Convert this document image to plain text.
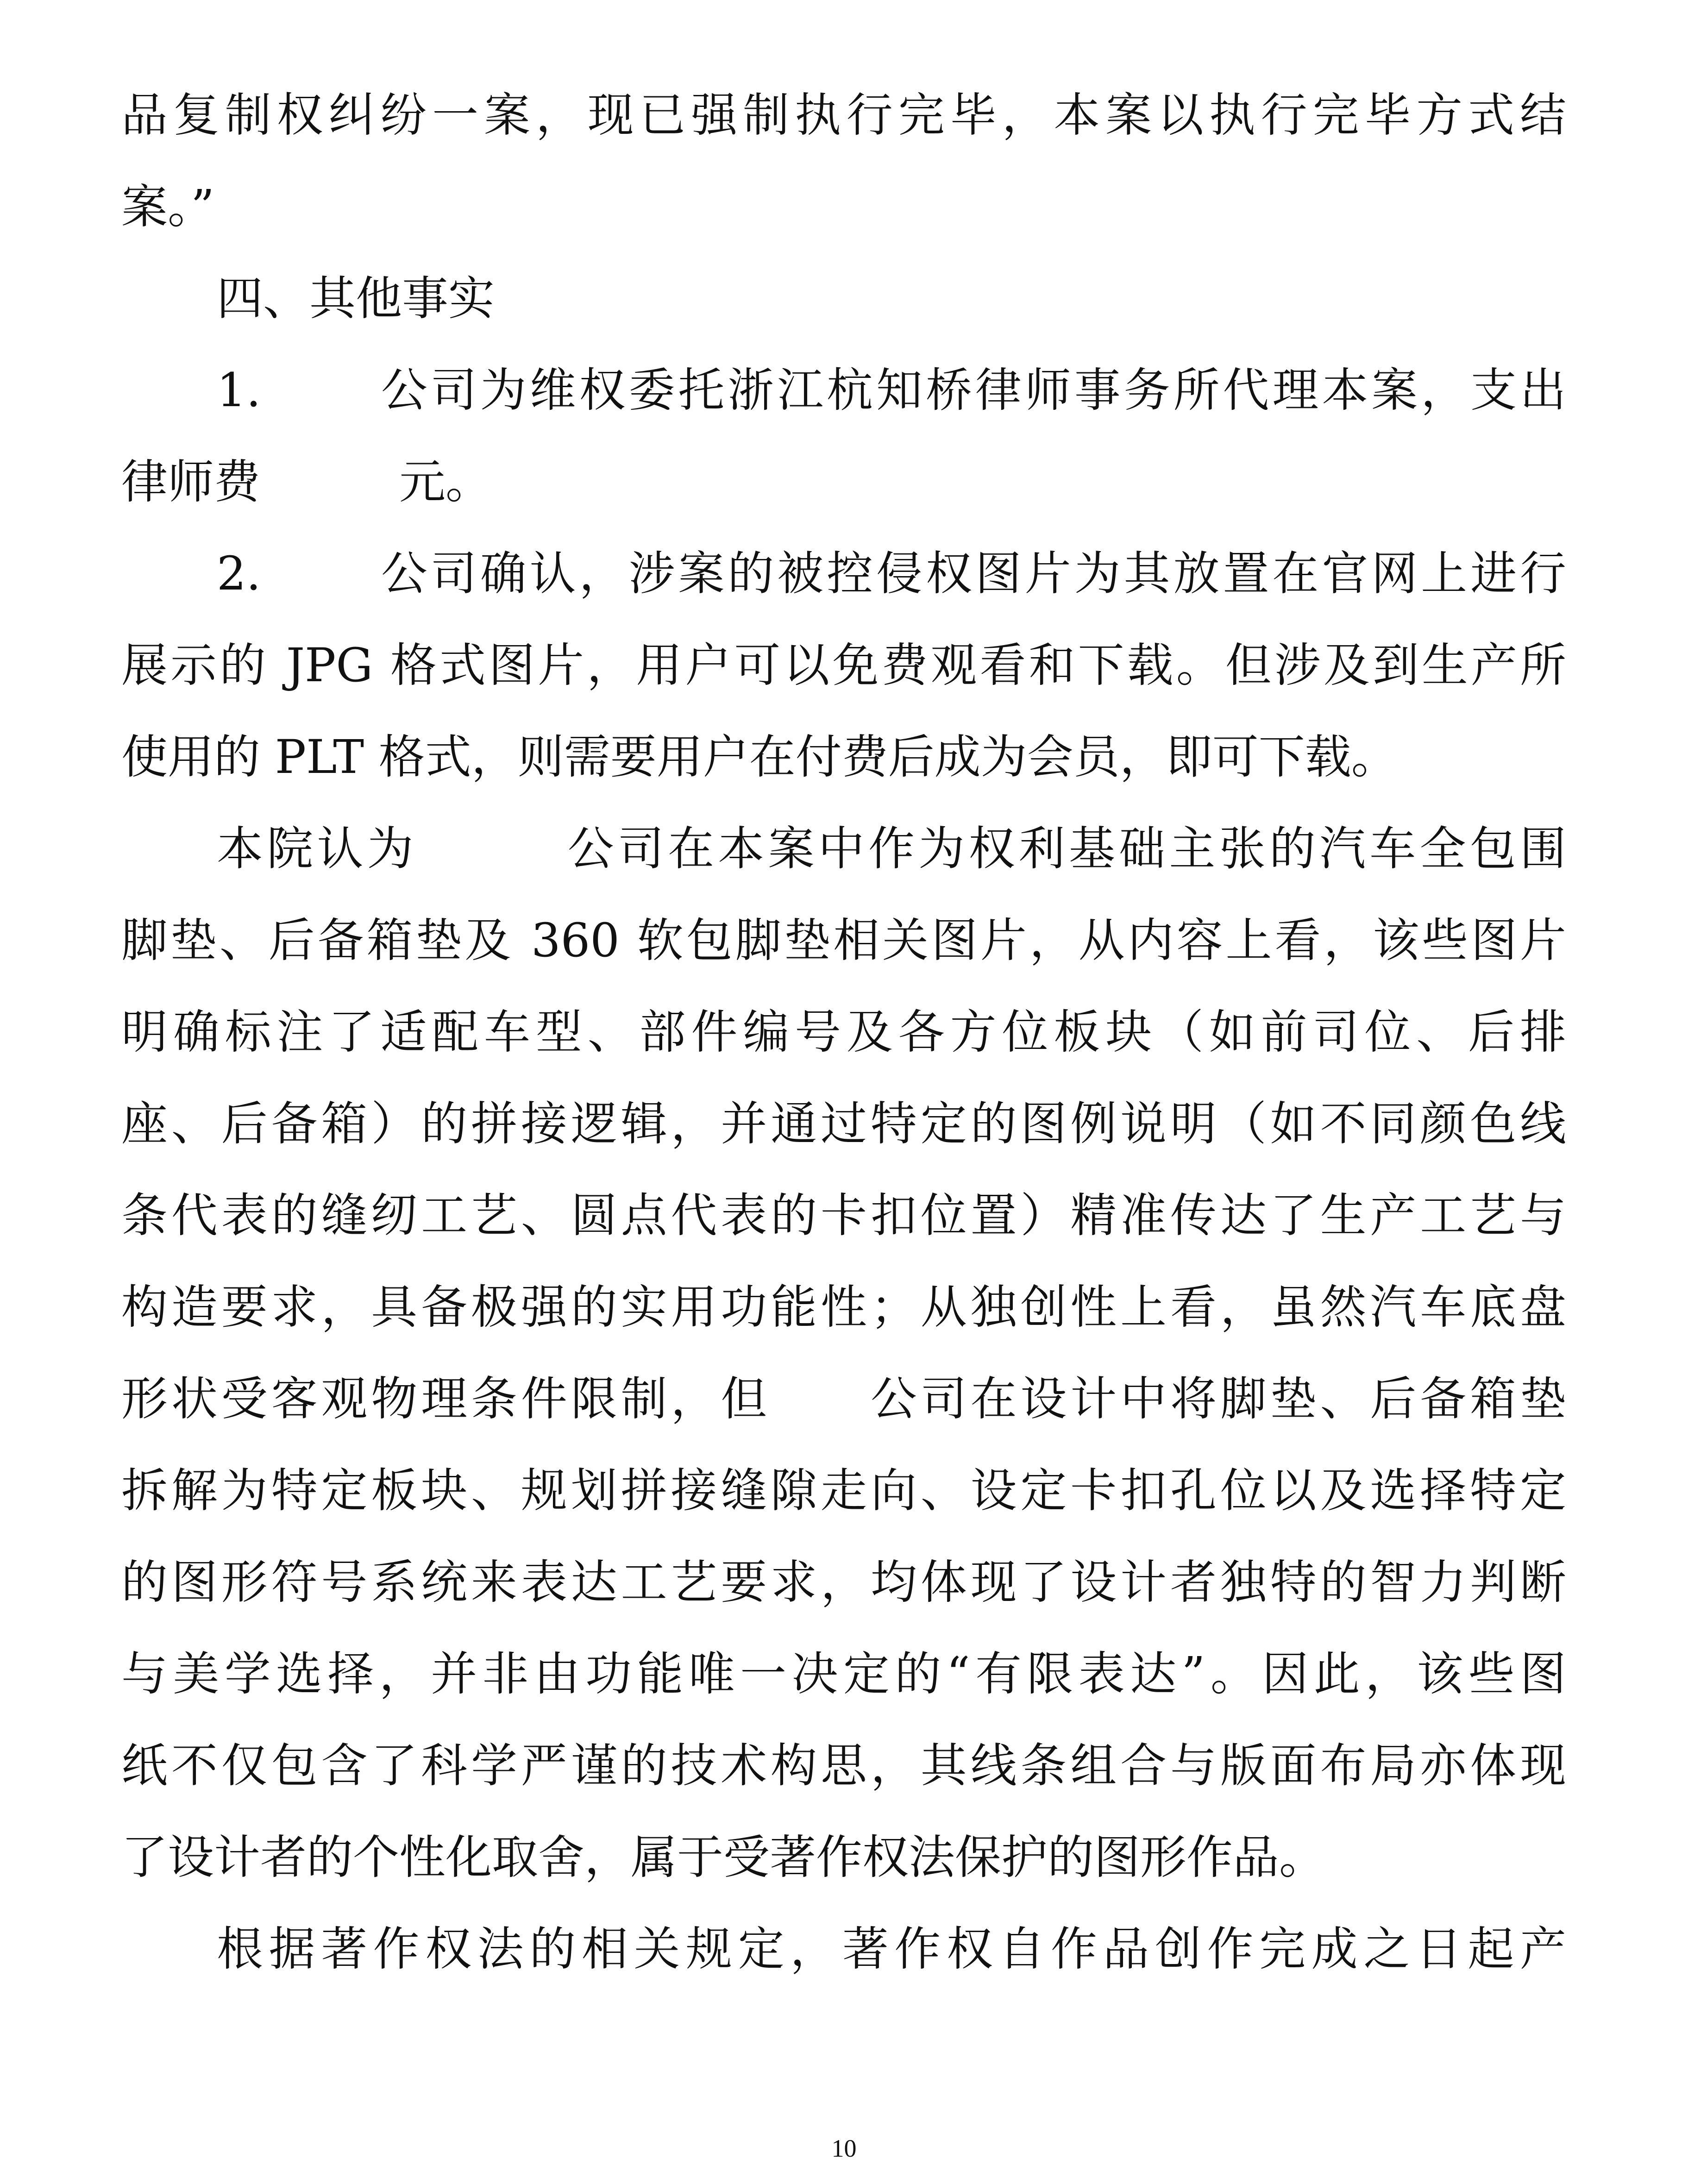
品复制权纠纷一案，现已强制执行完毕，本案以执行完毕方式结
案。”
四、其他事实
1.　　 公司为维权委托浙江杭知桥律师事务所代理本案，支出
律师费　　　元。
2.　　 公司确认，涉案的被控侵权图片为其放置在官网上进行
展示的 JPG 格式图片，用户可以免费观看和下载。但涉及到生产所
使用的 PLT 格式，则需要用户在付费后成为会员，即可下载。
本院认为　　　公司在本案中作为权利基础主张的汽车全包围
脚垫、后备箱垫及 360 软包脚垫相关图片，从内容上看，该些图片
明确标注了适配车型、部件编号及各方位板块（如前司位、后排
座、后备箱）的拼接逻辑，并通过特定的图例说明（如不同颜色线
条代表的缝纫工艺、圆点代表的卡扣位置）精准传达了生产工艺与
构造要求，具备极强的实用功能性；从独创性上看，虽然汽车底盘
形状受客观物理条件限制，但　　公司在设计中将脚垫、后备箱垫
拆解为特定板块、规划拼接缝隙走向、设定卡扣孔位以及选择特定
的图形符号系统来表达工艺要求，均体现了设计者独特的智力判断
与美学选择，并非由功能唯一决定的“有限表达”。因此，该些图
纸不仅包含了科学严谨的技术构思，其线条组合与版面布局亦体现
了设计者的个性化取舍，属于受著作权法保护的图形作品。
根据著作权法的相关规定，著作权自作品创作完成之日起产
10
